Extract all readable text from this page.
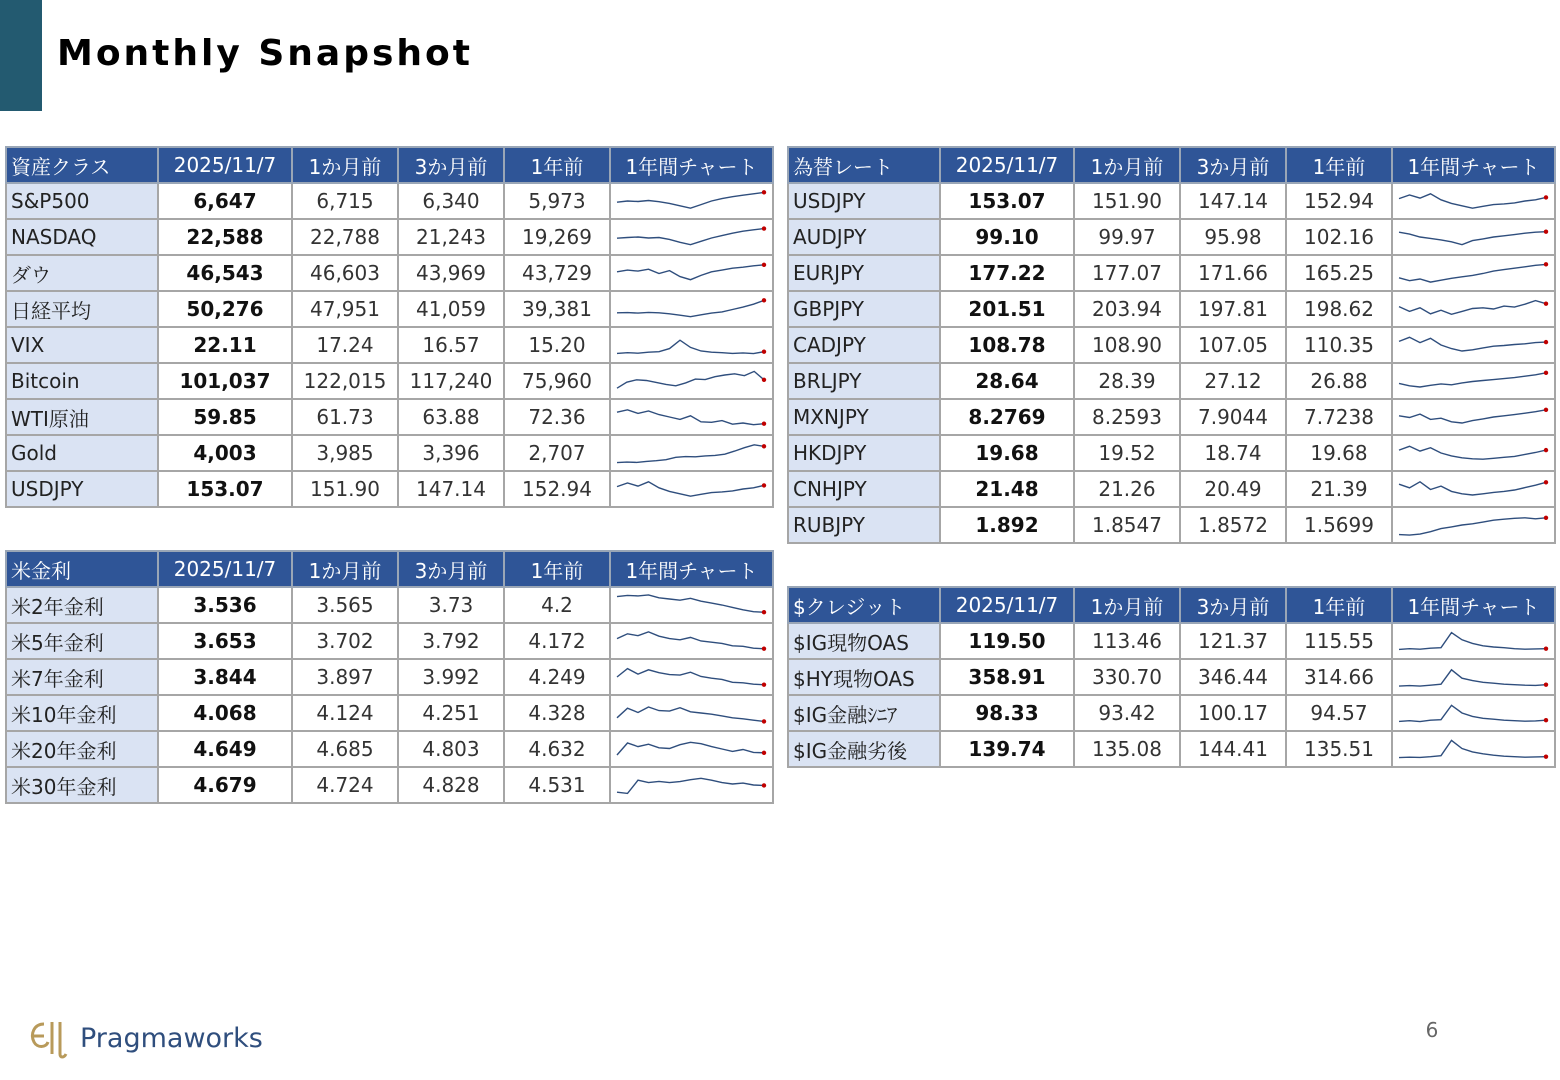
Monthly Snapshot
資産クラス	2025/11/7	1か月前	3か月前	1年前	1年間チャート
S&P500	6,647	6,715	6,340	5,973	

NASDAQ	22,588	22,788	21,243	19,269	

ダウ	46,543	46,603	43,969	43,729	

日経平均	50,276	47,951	41,059	39,381	

VIX	22.11	17.24	16.57	15.20	

Bitcoin	101,037	122,015	117,240	75,960	

WTI原油	59.85	61.73	63.88	72.36	

Gold	4,003	3,985	3,396	2,707	

USDJPY	153.07	151.90	147.14	152.94	
為替レート	2025/11/7	1か月前	3か月前	1年前	1年間チャート
USDJPY	153.07	151.90	147.14	152.94	

AUDJPY	99.10	99.97	95.98	102.16	

EURJPY	177.22	177.07	171.66	165.25	

GBPJPY	201.51	203.94	197.81	198.62	

CADJPY	108.78	108.90	107.05	110.35	

BRLJPY	28.64	28.39	27.12	26.88	

MXNJPY	8.2769	8.2593	7.9044	7.7238	

HKDJPY	19.68	19.52	18.74	19.68	

CNHJPY	21.48	21.26	20.49	21.39	

RUBJPY	1.892	1.8547	1.8572	1.5699	
米金利	2025/11/7	1か月前	3か月前	1年前	1年間チャート
米2年金利	3.536	3.565	3.73	4.2	

米5年金利	3.653	3.702	3.792	4.172	

米7年金利	3.844	3.897	3.992	4.249	

米10年金利	4.068	4.124	4.251	4.328	

米20年金利	4.649	4.685	4.803	4.632	

米30年金利	4.679	4.724	4.828	4.531	
$クレジット	2025/11/7	1か月前	3か月前	1年前	1年間チャート
$IG現物OAS	119.50	113.46	121.37	115.55	

$HY現物OAS	358.91	330.70	346.44	314.66	

$IG金融ｼﾆｱ	98.33	93.42	100.17	94.57	

$IG金融劣後	139.74	135.08	144.41	135.51	
Pragmaworks	6
